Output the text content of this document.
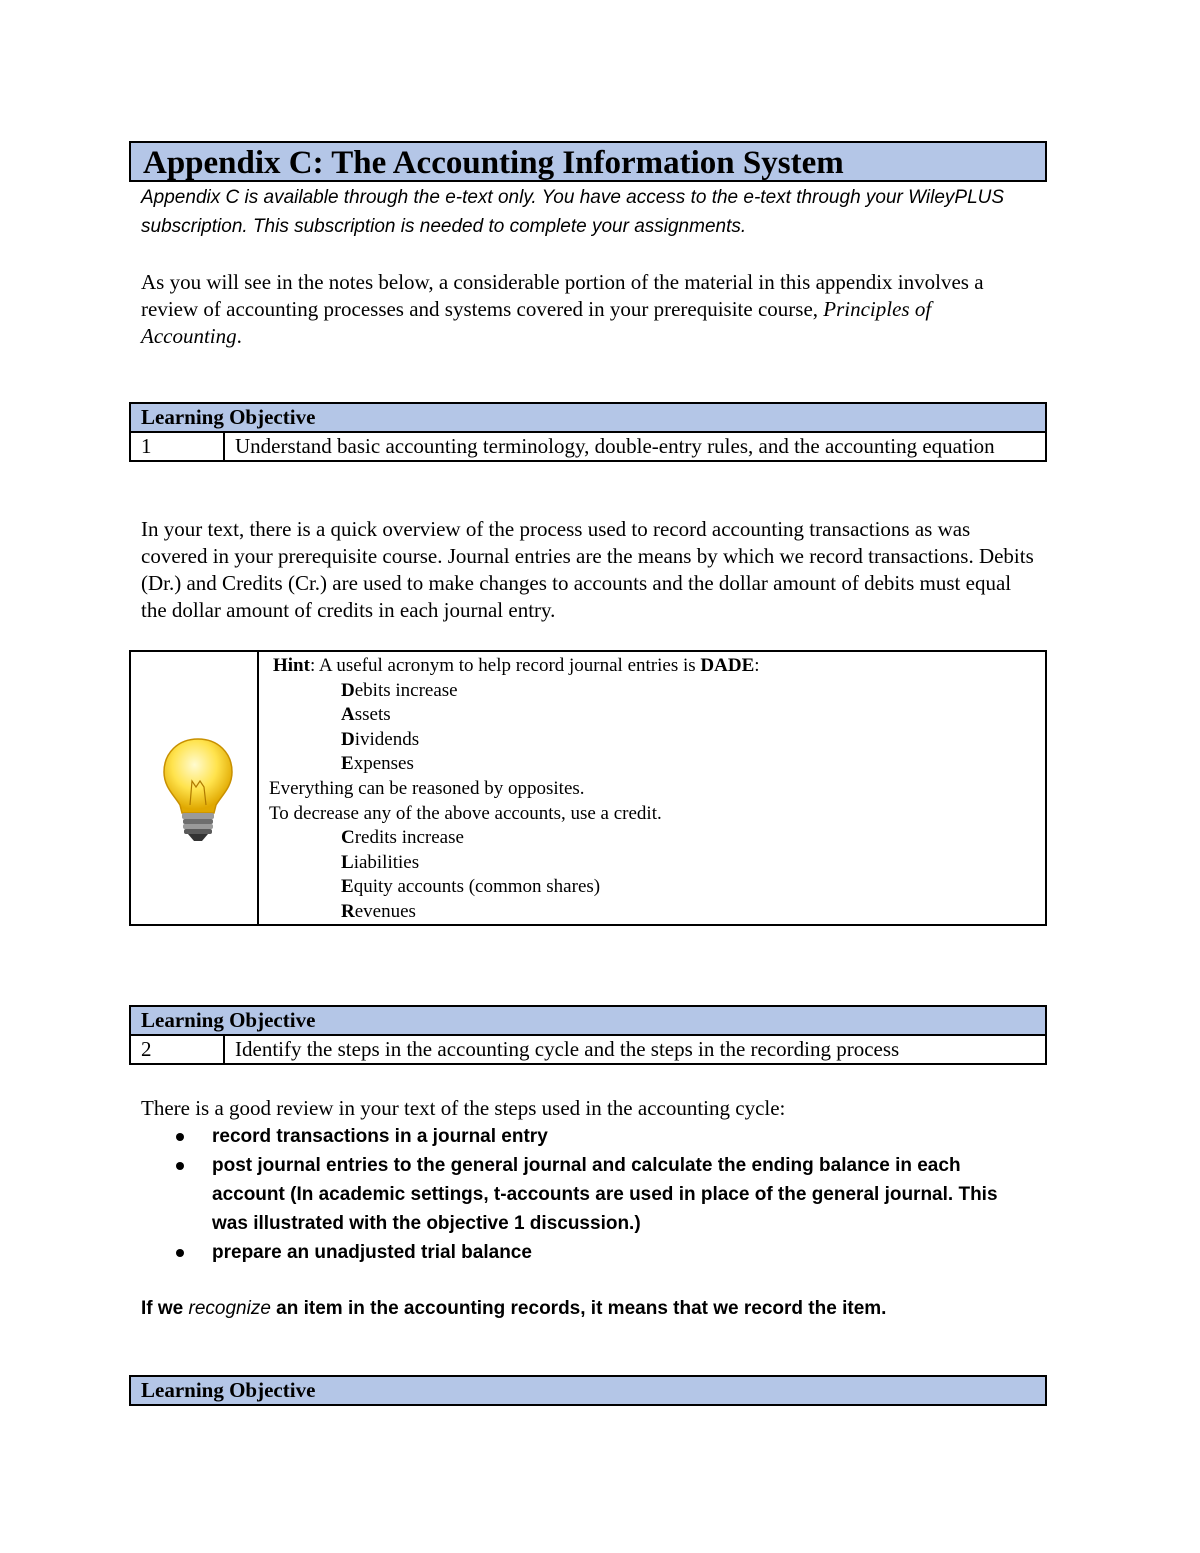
Appendix C: The Accounting Information System
Appendix C is available through the e-text only. You have access to the e-text through your WileyPLUS subscription. This subscription is needed to complete your assignments.
As you will see in the notes below, a considerable portion of the material in this appendix involves a review of accounting processes and systems covered in your prerequisite course, Principles of Accounting.
Learning Objective
1	Understand basic accounting terminology, double-entry rules, and the accounting equation
In your text, there is a quick overview of the process used to record accounting transactions as was covered in your prerequisite course. Journal entries are the means by which we record transactions. Debits (Dr.) and Credits (Cr.) are used to make changes to accounts and the dollar amount of debits must equal the dollar amount of credits in each journal entry.
Hint: A useful acronym to help record journal entries is DADE:
Debits increase
Assets
Dividends
Expenses
Everything can be reasoned by opposites.
To decrease any of the above accounts, use a credit.
Credits increase
Liabilities
Equity accounts (common shares)
Revenues
Learning Objective
2	Identify the steps in the accounting cycle and the steps in the recording process
There is a good review in your text of the steps used in the accounting cycle:
record transactions in a journal entry
post journal entries to the general journal and calculate the ending balance in each account (In academic settings, t-accounts are used in place of the general journal. This was illustrated with the objective 1 discussion.)
prepare an unadjusted trial balance
If we recognize an item in the accounting records, it means that we record the item.
Learning Objective
